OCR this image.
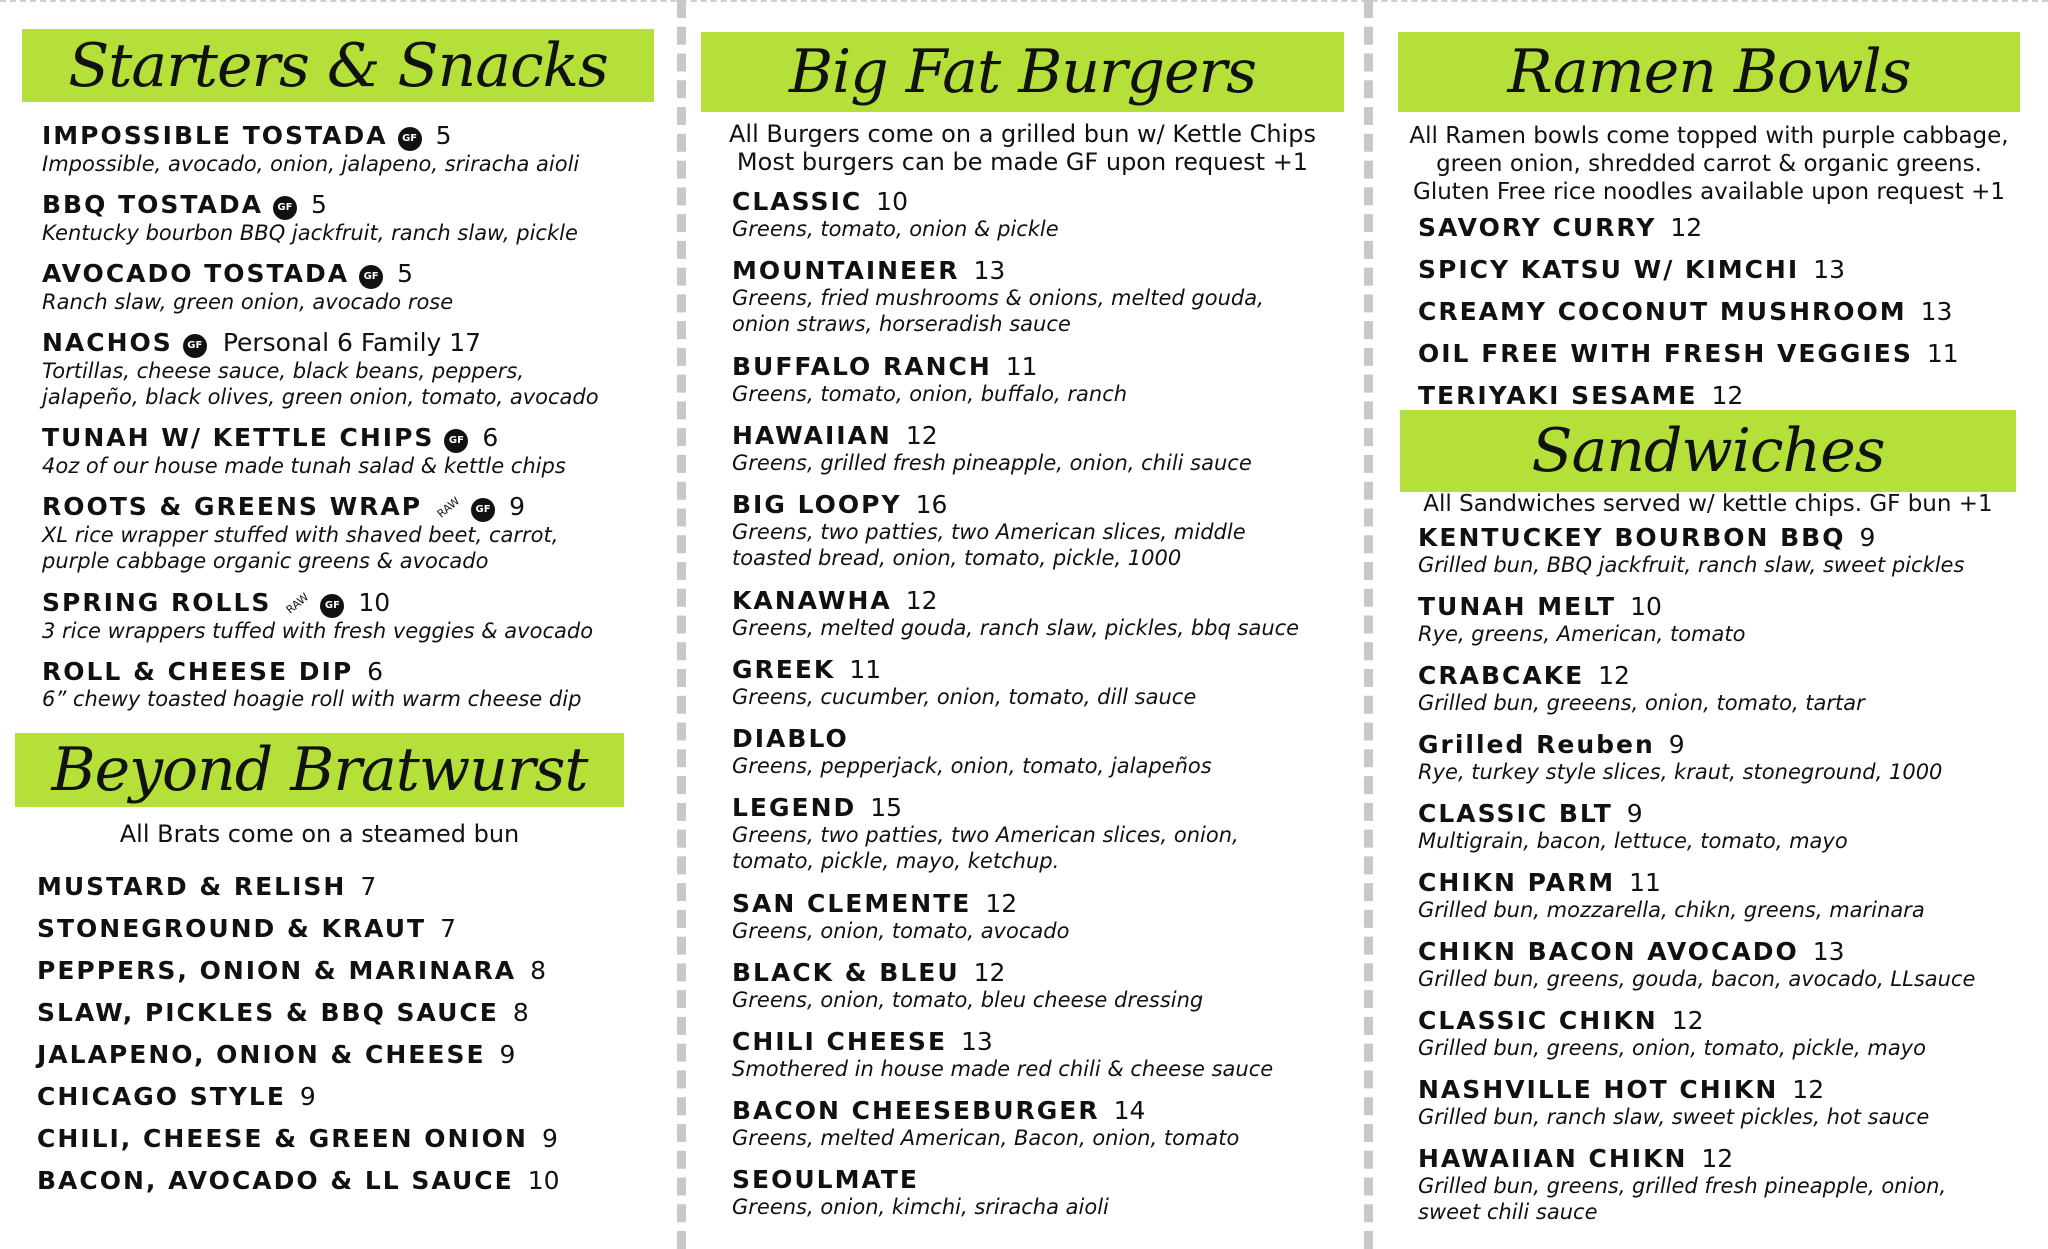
Starters & Snacks
IMPOSSIBLE TOSTADA GF 5
Impossible, avocado, onion, jalapeno, sriracha aioli
BBQ TOSTADA GF 5
Kentucky bourbon BBQ jackfruit, ranch slaw, pickle
AVOCADO TOSTADA GF 5
Ranch slaw, green onion, avocado rose
NACHOS GF Personal 6 Family 17
Tortillas, cheese sauce, black beans, peppers,
jalapeño, black olives, green onion, tomato, avocado
TUNAH W/ KETTLE CHIPS GF 6
4oz of our house made tunah salad & kettle chips
ROOTS & GREENS WRAP RAW GF 9
XL rice wrapper stuffed with shaved beet, carrot,
purple cabbage organic greens & avocado
SPRING ROLLS RAW GF 10
3 rice wrappers tuffed with fresh veggies & avocado
ROLL & CHEESE DIP 6
6” chewy toasted hoagie roll with warm cheese dip
Beyond Bratwurst
All Brats come on a steamed bun
MUSTARD & RELISH 7
STONEGROUND & KRAUT 7
PEPPERS, ONION & MARINARA 8
SLAW, PICKLES & BBQ SAUCE 8
JALAPENO, ONION & CHEESE 9
CHICAGO STYLE 9
CHILI, CHEESE & GREEN ONION 9
BACON, AVOCADO & LL SAUCE 10
Big Fat Burgers
All Burgers come on a grilled bun w/ Kettle Chips
Most burgers can be made GF upon request +1
CLASSIC 10
Greens, tomato, onion & pickle
MOUNTAINEER 13
Greens, fried mushrooms & onions, melted gouda,
onion straws, horseradish sauce
BUFFALO RANCH 11
Greens, tomato, onion, buffalo, ranch
HAWAIIAN 12
Greens, grilled fresh pineapple, onion, chili sauce
BIG LOOPY 16
Greens, two patties, two American slices, middle
toasted bread, onion, tomato, pickle, 1000
KANAWHA 12
Greens, melted gouda, ranch slaw, pickles, bbq sauce
GREEK 11
Greens, cucumber, onion, tomato, dill sauce
DIABLO
Greens, pepperjack, onion, tomato, jalapeños
LEGEND 15
Greens, two patties, two American slices, onion,
tomato, pickle, mayo, ketchup.
SAN CLEMENTE 12
Greens, onion, tomato, avocado
BLACK & BLEU 12
Greens, onion, tomato, bleu cheese dressing
CHILI CHEESE 13
Smothered in house made red chili & cheese sauce
BACON CHEESEBURGER 14
Greens, melted American, Bacon, onion, tomato
SEOULMATE
Greens, onion, kimchi, sriracha aioli
Ramen Bowls
All Ramen bowls come topped with purple cabbage,
green onion, shredded carrot & organic greens.
Gluten Free rice noodles available upon request +1
SAVORY CURRY 12
SPICY KATSU W/ KIMCHI 13
CREAMY COCONUT MUSHROOM 13
OIL FREE WITH FRESH VEGGIES 11
TERIYAKI SESAME 12
Sandwiches
All Sandwiches served w/ kettle chips. GF bun +1
KENTUCKEY BOURBON BBQ 9
Grilled bun, BBQ jackfruit, ranch slaw, sweet pickles
TUNAH MELT 10
Rye, greens, American, tomato
CRABCAKE 12
Grilled bun, greeens, onion, tomato, tartar
Grilled Reuben 9
Rye, turkey style slices, kraut, stoneground, 1000
CLASSIC BLT 9
Multigrain, bacon, lettuce, tomato, mayo
CHIKN PARM 11
Grilled bun, mozzarella, chikn, greens, marinara
CHIKN BACON AVOCADO 13
Grilled bun, greens, gouda, bacon, avocado, LLsauce
CLASSIC CHIKN 12
Grilled bun, greens, onion, tomato, pickle, mayo
NASHVILLE HOT CHIKN 12
Grilled bun, ranch slaw, sweet pickles, hot sauce
HAWAIIAN CHIKN 12
Grilled bun, greens, grilled fresh pineapple, onion,
sweet chili sauce
